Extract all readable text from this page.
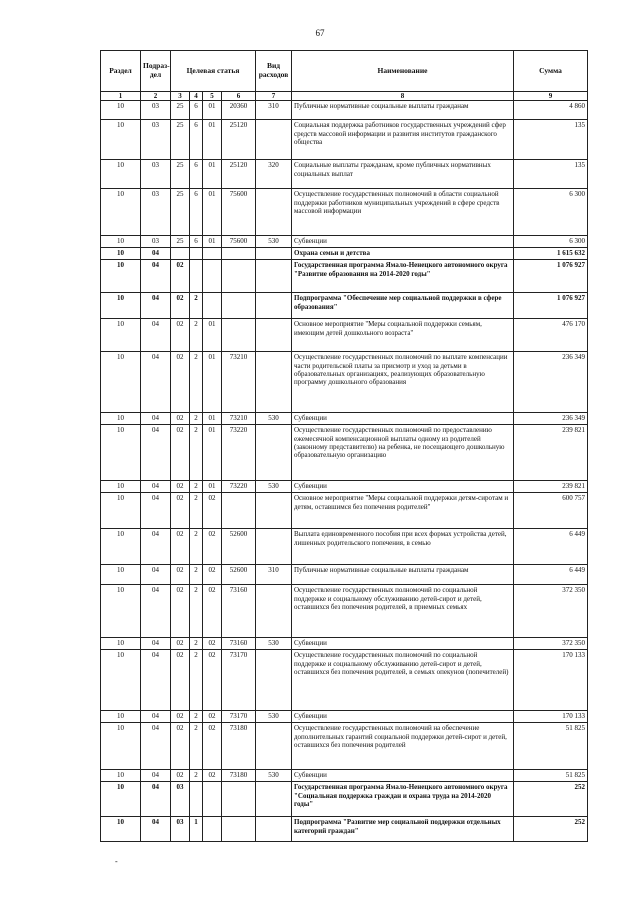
67
Раздел	Подраз-дел	Целевая статья				Вид расходов	Наименование	Сумма
1	2	3	4	5	6	7	8	9
10	03	25	6	01	20360	310	Публичные нормативные социальные выплаты гражданам	4 860
10	03	25	6	01	25120		Социальная поддержка работников государственных учреждений сфер средств массовой информации и развития институтов гражданского общества	135
10	03	25	6	01	25120	320	Социальные выплаты гражданам, кроме публичных нормативных социальных выплат	135
10	03	25	6	01	75600		Осуществление государственных полномочий в области социальной поддержки работников муниципальных учреждений в сфере средств массовой информации	6 300
10	03	25	6	01	75600	530	Субвенции	6 300
10	04						Охрана семьи и детства	1 615 632
10	04	02					Государственная программа Ямало-Ненецкого автономного округа "Развитие образования на 2014-2020 годы"	1 076 927
10	04	02	2				Подпрограмма "Обеспечение мер социальной поддержки в сфере образования"	1 076 927
10	04	02	2	01			Основное мероприятие "Меры социальной поддержки семьям, имеющим детей дошкольного возраста"	476 170
10	04	02	2	01	73210		Осуществление государственных полномочий по выплате компенсации части родительской платы за присмотр и уход за детьми в образовательных организациях, реализующих образовательную программу дошкольного образования	236 349
10	04	02	2	01	73210	530	Субвенции	236 349
10	04	02	2	01	73220		Осуществление государственных полномочий по предоставлению ежемесячной компенсационной выплаты одному из родителей (законному представителю) на ребенка, не посещающего дошкольную образовательную организацию	239 821
10	04	02	2	01	73220	530	Субвенции	239 821
10	04	02	2	02			Основное мероприятие "Меры социальной поддержки детям-сиротам и детям, оставшимся без попечения родителей"	600 757
10	04	02	2	02	52600		Выплата единовременного пособия при всех формах устройства детей, лишенных родительского попечения, в семью	6 449
10	04	02	2	02	52600	310	Публичные нормативные социальные выплаты гражданам	6 449
10	04	02	2	02	73160		Осуществление государственных полномочий по социальной поддержке и социальному обслуживанию детей-сирот и детей, оставшихся без попечения родителей, в приемных семьях	372 350
10	04	02	2	02	73160	530	Субвенции	372 350
10	04	02	2	02	73170		Осуществление государственных полномочий по социальной поддержке и социальному обслуживанию детей-сирот и детей, оставшихся без попечения родителей, в семьях опекунов (попечителей)	170 133
10	04	02	2	02	73170	530	Субвенции	170 133
10	04	02	2	02	73180		Осуществление государственных полномочий на обеспечение дополнительных гарантий социальной поддержки детей-сирот и детей, оставшихся без попечения родителей	51 825
10	04	02	2	02	73180	530	Субвенции	51 825
10	04	03					Государственная программа Ямало-Ненецкого автономного округа "Социальная поддержка граждан и охрана труда на 2014-2020 годы"	252
10	04	03	1				Подпрограмма "Развитие мер социальной поддержки отдельных категорий граждан"	252
-
